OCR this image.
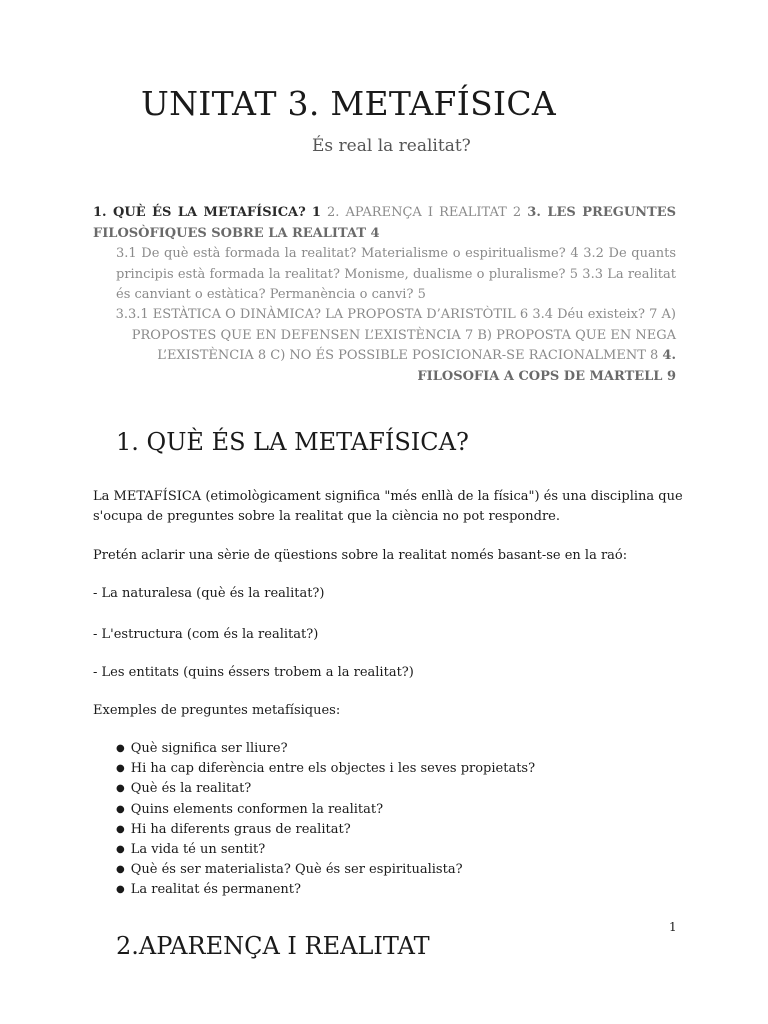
UNITAT 3. METAFÍSICA
És real la realitat?
1. QUÈ ÉS LA METAFÍSICA? 1 2. APARENÇA I REALITAT 2 3. LES PREGUNTES FILOSÒFIQUES SOBRE LA REALITAT 4
3.1 De què està formada la realitat? Materialisme o espiritualisme? 4 3.2 De quants principis està formada la realitat? Monisme, dualisme o pluralisme? 5 3.3 La realitat és canviant o estàtica? Permanència o canvi? 5
3.3.1 ESTÀTICA O DINÀMICA? LA PROPOSTA D’ARISTÒTIL 6 3.4 Déu existeix? 7 A) PROPOSTES QUE EN DEFENSEN L’EXISTÈNCIA 7 B) PROPOSTA QUE EN NEGA L’EXISTÈNCIA 8 C) NO ÉS POSSIBLE POSICIONAR-SE RACIONALMENT 8 4. FILOSOFIA A COPS DE MARTELL 9
1. QUÈ ÉS LA METAFÍSICA?
La METAFÍSICA (etimològicament significa "més enllà de la física") és una disciplina que s'ocupa de preguntes sobre la realitat que la ciència no pot respondre.
Pretén aclarir una sèrie de qüestions sobre la realitat només basant-se en la raó:
- La naturalesa (què és la realitat?)
- L'estructura (com és la realitat?)
- Les entitats (quins éssers trobem a la realitat?)
Exemples de preguntes metafísiques:
● Què significa ser lliure?
● Hi ha cap diferència entre els objectes i les seves propietats?
● Què és la realitat?
● Quins elements conformen la realitat?
● Hi ha diferents graus de realitat?
● La vida té un sentit?
● Què és ser materialista? Què és ser espiritualista?
● La realitat és permanent?
1
2.APARENÇA I REALITAT
